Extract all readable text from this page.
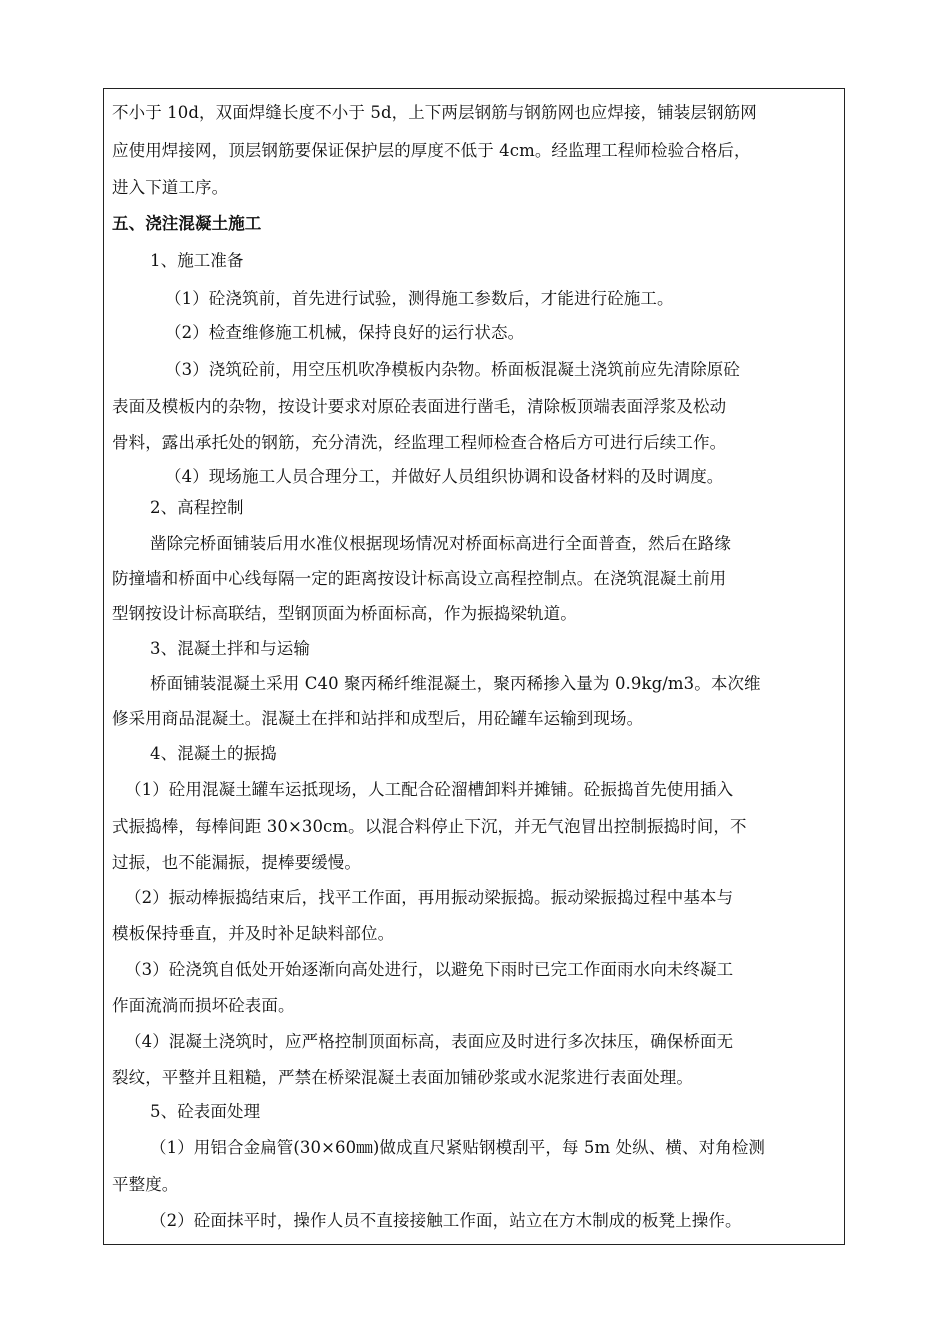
不小于 10d，双面焊缝长度不小于 5d，上下两层钢筋与钢筋网也应焊接，铺装层钢筋网
应使用焊接网，顶层钢筋要保证保护层的厚度不低于 4cm。经监理工程师检验合格后，
进入下道工序。
五、浇注混凝土施工
1、施工准备
（1）砼浇筑前，首先进行试验，测得施工参数后，才能进行砼施工。
（2）检查维修施工机械，保持良好的运行状态。
（3）浇筑砼前，用空压机吹净模板内杂物。桥面板混凝土浇筑前应先清除原砼
表面及模板内的杂物，按设计要求对原砼表面进行凿毛，清除板顶端表面浮浆及松动
骨料，露出承托处的钢筋，充分清洗，经监理工程师检查合格后方可进行后续工作。
（4）现场施工人员合理分工，并做好人员组织协调和设备材料的及时调度。
2、高程控制
凿除完桥面铺装后用水准仪根据现场情况对桥面标高进行全面普查，然后在路缘
防撞墙和桥面中心线每隔一定的距离按设计标高设立高程控制点。在浇筑混凝土前用
型钢按设计标高联结，型钢顶面为桥面标高，作为振捣梁轨道。
3、混凝土拌和与运输
桥面铺装混凝土采用 C40 聚丙稀纤维混凝土，聚丙稀掺入量为 0.9kg/m3。本次维
修采用商品混凝土。混凝土在拌和站拌和成型后，用砼罐车运输到现场。
4、混凝土的振捣
（1）砼用混凝土罐车运抵现场，人工配合砼溜槽卸料并摊铺。砼振捣首先使用插入
式振捣棒，每棒间距 30×30cm。以混合料停止下沉，并无气泡冒出控制振捣时间，不
过振，也不能漏振，提棒要缓慢。
（2）振动棒振捣结束后，找平工作面，再用振动梁振捣。振动梁振捣过程中基本与
模板保持垂直，并及时补足缺料部位。
（3）砼浇筑自低处开始逐渐向高处进行，以避免下雨时已完工作面雨水向未终凝工
作面流淌而损坏砼表面。
（4）混凝土浇筑时，应严格控制顶面标高，表面应及时进行多次抹压，确保桥面无
裂纹，平整并且粗糙，严禁在桥梁混凝土表面加铺砂浆或水泥浆进行表面处理。
5、砼表面处理
（1）用铝合金扁管(30×60㎜)做成直尺紧贴钢模刮平，每 5m 处纵、横、对角检测
平整度。
（2）砼面抹平时，操作人员不直接接触工作面，站立在方木制成的板凳上操作。
